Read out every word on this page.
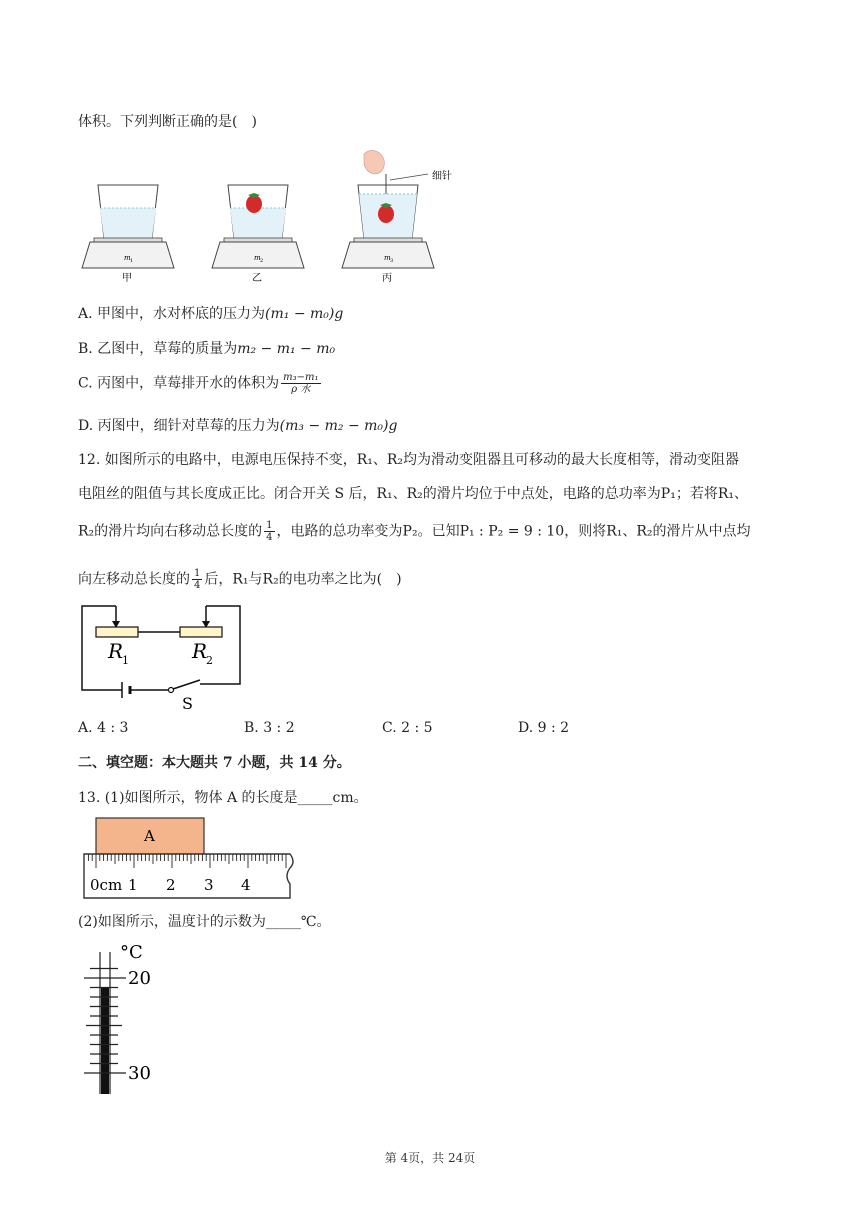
体积。下列判断正确的是(　)
m 1
甲
m 2
乙
细针
m 3
丙
A. 甲图中，水对杯底的压力为(m₁ − m₀)g
B. 乙图中，草莓的质量为m₂ − m₁ − m₀
C. 丙图中，草莓排开水的体积为 $\frac{\text{m₃−m₁}}{\text{ρ 水}}$
D. 丙图中，细针对草莓的压力为(m₃ − m₂ − m₀)g
12. 如图所示的电路中，电源电压保持不变，R₁、R₂均为滑动变阻器且可移动的最大长度相等，滑动变阻器
电阻丝的阻值与其长度成正比。闭合开关 S 后，R₁、R₂的滑片均位于中点处，电路的总功率为P₁；若将R₁、
R₂的滑片均向右移动总长度的 $\frac{1}{4}$ ，电路的总功率变为P₂。已知P₁ : P₂ = 9 : 10，则将R₁、R₂的滑片从中点均
向左移动总长度的 $\frac{1}{4}$ 后，R₁与R₂的电功率之比为(　)
R
1	R
2
S
A. 4 : 3	B. 3 : 2	C. 2 : 5	D. 9 : 2
二、填空题：本大题共 7 小题，共 14 分。
13. (1)如图所示，物体 A 的长度是_____cm。
A
0cm 1 2 3 4
(2)如图所示，温度计的示数为_____℃。
°C
20
30
第 4页，共 24页
